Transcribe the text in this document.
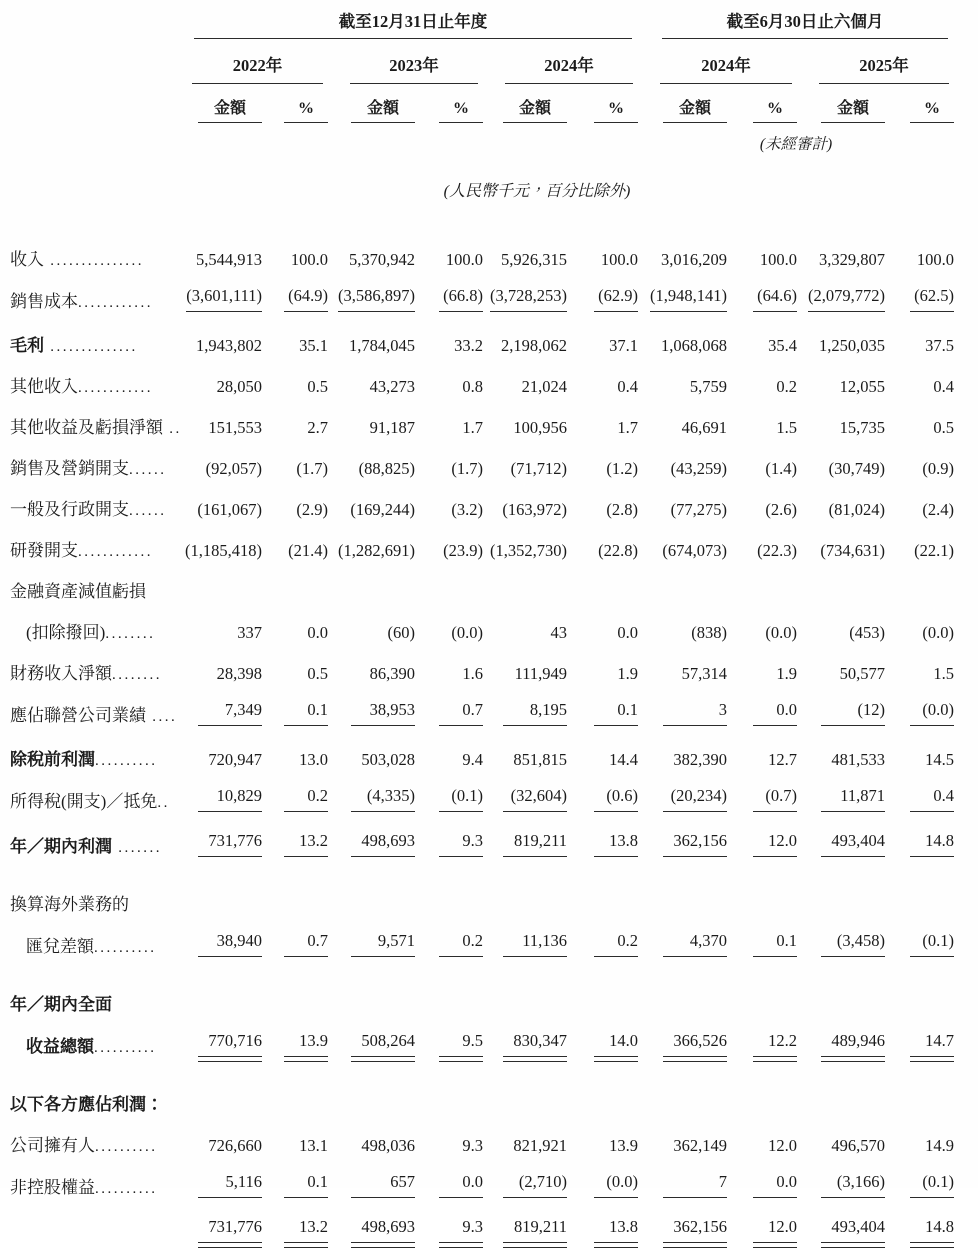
	截至12月31日止年度						截至6月30日止六個月			

	2022年		2023年		2024年		2024年		2025年	

	金額	%	金額	%	金額	%	金額	%	金額	%
							(未經審計)			
(人民幣千元，百分比除外)										
收入 ...............	5,544,913	100.0	5,370,942	100.0	5,926,315	100.0	3,016,209	100.0	3,329,807	100.0
銷售成本............	(3,601,111)	(64.9)	(3,586,897)	(66.8)	(3,728,253)	(62.9)	(1,948,141)	(64.6)	(2,079,772)	(62.5)
毛利 ..............	1,943,802	35.1	1,784,045	33.2	2,198,062	37.1	1,068,068	35.4	1,250,035	37.5
其他收入............	28,050	0.5	43,273	0.8	21,024	0.4	5,759	0.2	12,055	0.4
其他收益及虧損淨額 ..	151,553	2.7	91,187	1.7	100,956	1.7	46,691	1.5	15,735	0.5
銷售及營銷開支......	(92,057)	(1.7)	(88,825)	(1.7)	(71,712)	(1.2)	(43,259)	(1.4)	(30,749)	(0.9)
一般及行政開支......	(161,067)	(2.9)	(169,244)	(3.2)	(163,972)	(2.8)	(77,275)	(2.6)	(81,024)	(2.4)
研發開支............	(1,185,418)	(21.4)	(1,282,691)	(23.9)	(1,352,730)	(22.8)	(674,073)	(22.3)	(734,631)	(22.1)
金融資產減值虧損										
(扣除撥回)........	337	0.0	(60)	(0.0)	43	0.0	(838)	(0.0)	(453)	(0.0)
財務收入淨額........	28,398	0.5	86,390	1.6	111,949	1.9	57,314	1.9	50,577	1.5
應佔聯營公司業績 ....	7,349	0.1	38,953	0.7	8,195	0.1	3	0.0	(12)	(0.0)
除稅前利潤..........	720,947	13.0	503,028	9.4	851,815	14.4	382,390	12.7	481,533	14.5
所得稅(開支)／抵免..	10,829	0.2	(4,335)	(0.1)	(32,604)	(0.6)	(20,234)	(0.7)	11,871	0.4
年／期內利潤 .......	731,776	13.2	498,693	9.3	819,211	13.8	362,156	12.0	493,404	14.8
換算海外業務的										
匯兌差額..........	38,940	0.7	9,571	0.2	11,136	0.2	4,370	0.1	(3,458)	(0.1)
年／期內全面										
收益總額..........	770,716	13.9	508,264	9.5	830,347	14.0	366,526	12.2	489,946	14.7
以下各方應佔利潤：										
公司擁有人..........	726,660	13.1	498,036	9.3	821,921	13.9	362,149	12.0	496,570	14.9
非控股權益..........	5,116	0.1	657	0.0	(2,710)	(0.0)	7	0.0	(3,166)	(0.1)
	731,776	13.2	498,693	9.3	819,211	13.8	362,156	12.0	493,404	14.8
